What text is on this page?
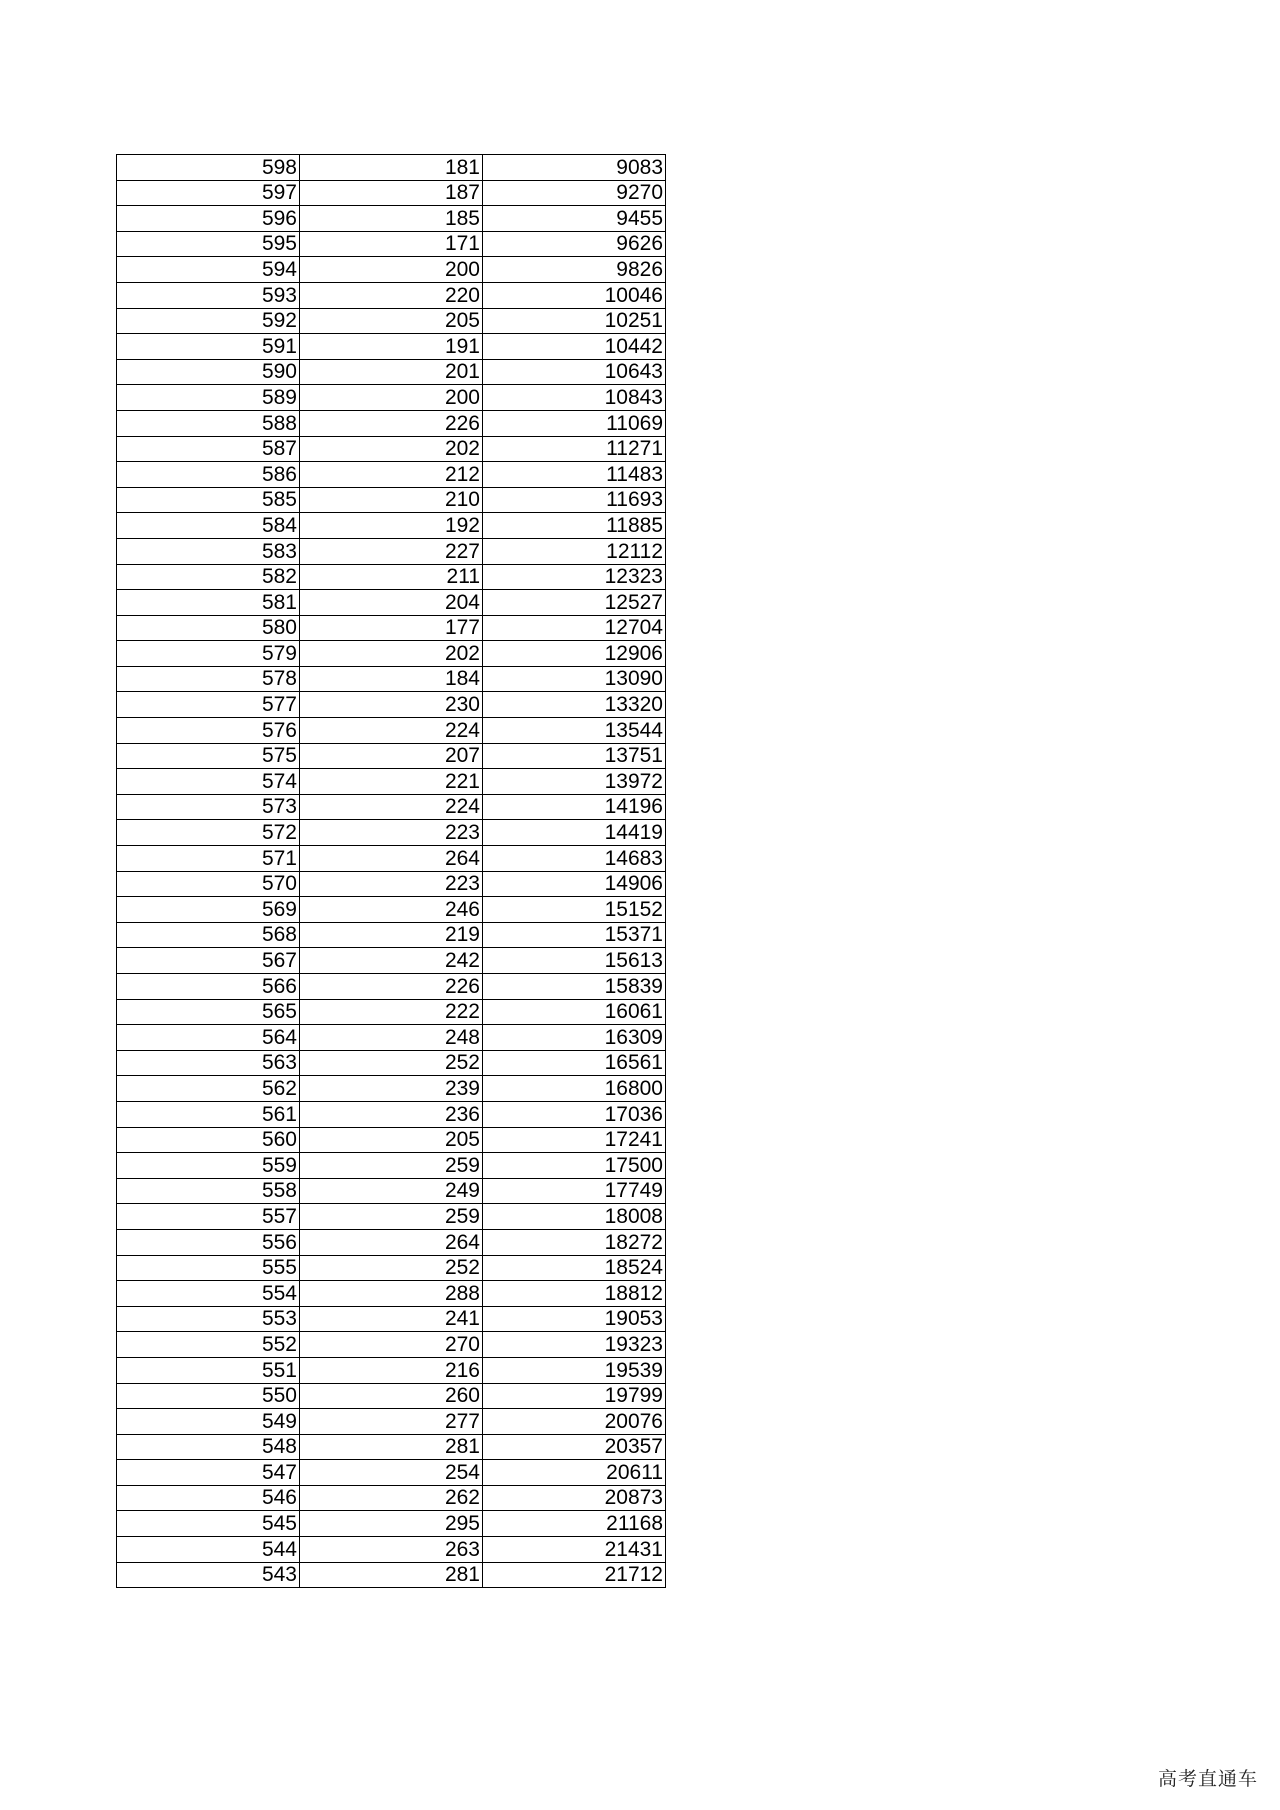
598	181	9083
597	187	9270
596	185	9455
595	171	9626
594	200	9826
593	220	10046
592	205	10251
591	191	10442
590	201	10643
589	200	10843
588	226	11069
587	202	11271
586	212	11483
585	210	11693
584	192	11885
583	227	12112
582	211	12323
581	204	12527
580	177	12704
579	202	12906
578	184	13090
577	230	13320
576	224	13544
575	207	13751
574	221	13972
573	224	14196
572	223	14419
571	264	14683
570	223	14906
569	246	15152
568	219	15371
567	242	15613
566	226	15839
565	222	16061
564	248	16309
563	252	16561
562	239	16800
561	236	17036
560	205	17241
559	259	17500
558	249	17749
557	259	18008
556	264	18272
555	252	18524
554	288	18812
553	241	19053
552	270	19323
551	216	19539
550	260	19799
549	277	20076
548	281	20357
547	254	20611
546	262	20873
545	295	21168
544	263	21431
543	281	21712
高考直通车
